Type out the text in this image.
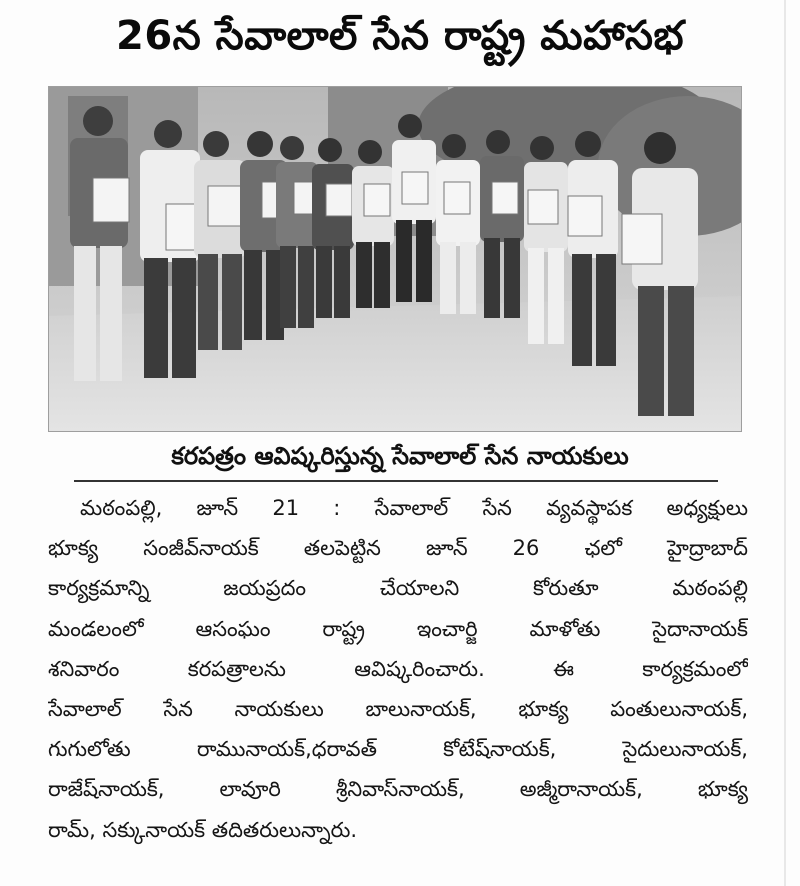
26న సేవాలాల్ సేన రాష్ట్ర మహాసభ
కరపత్రం ఆవిష్కరిస్తున్న సేవాలాల్ సేన నాయకులు
మఠంపల్లి, జూన్ 21 : సేవాలాల్ సేన వ్యవస్థాపక అధ్యక్షులు
భూక్య సంజీవ్‌నాయక్ తలపెట్టిన జూన్ 26 ఛలో హైద్రాబాద్
కార్యక్రమాన్ని జయప్రదం చేయాలని కోరుతూ మఠంపల్లి
మండలంలో ఆసంఘం రాష్ట్ర ఇంచార్జి మాళోతు సైదానాయక్
శనివారం కరపత్రాలను ఆవిష్కరించారు. ఈ కార్యక్రమంలో
సేవాలాల్ సేన నాయకులు బాలునాయక్, భూక్య పంతులునాయక్,
గుగులోతు రామునాయక్,ధరావత్ కోటేష్‌నాయక్, సైదులునాయక్,
రాజేష్‌నాయక్, లావూరి శ్రీనివాస్‌నాయక్, అజ్మీరానాయక్, భూక్య
రామ్, సక్కునాయక్ తదితరులున్నారు.
